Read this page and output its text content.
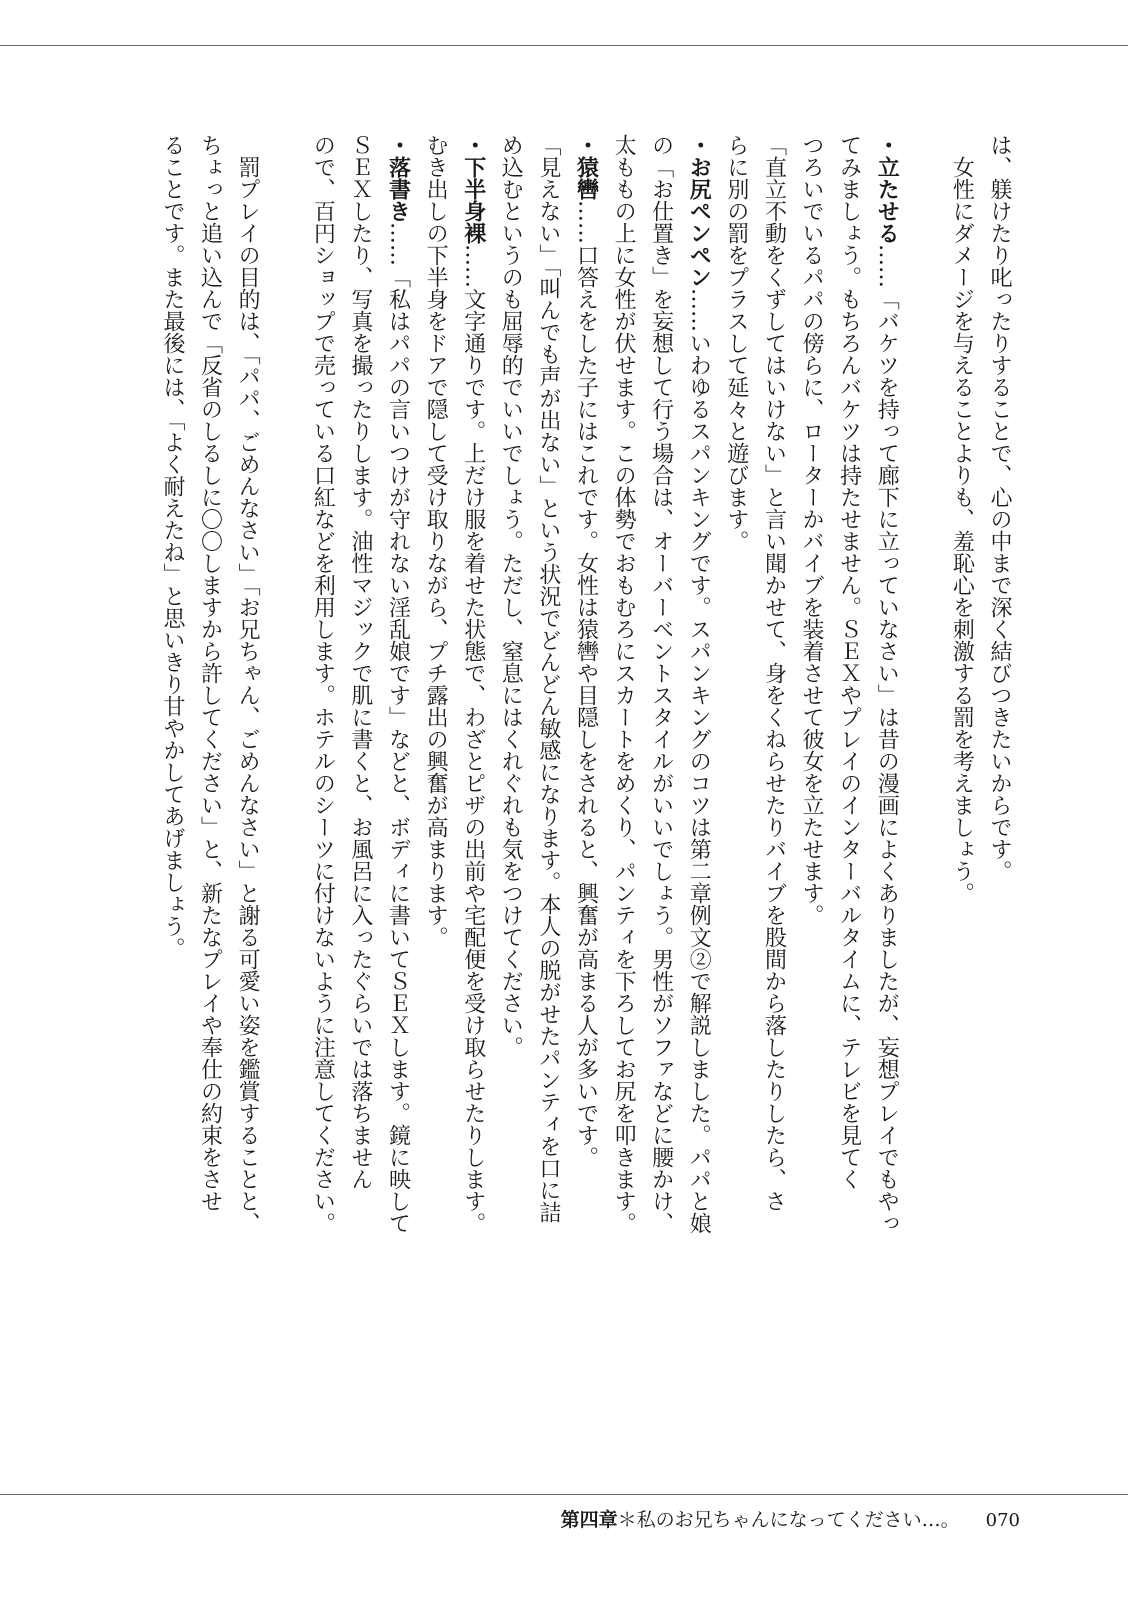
は、躾けたり叱ったりすることで、心の中まで深く結びつきたいからです。
　女性にダメージを与えることよりも、羞恥心を刺激する罰を考えましょう。
・立たせる……「バケツを持って廊下に立っていなさい」は昔の漫画によくありましたが、妄想プレイでもやっ
てみましょう。もちろんバケツは持たせません。ＳＥＸやプレイのインターバルタイムに、テレビを見てく
つろいでいるパパの傍らに、ローターかバイブを装着させて彼女を立たせます。
「直立不動をくずしてはいけない」と言い聞かせて、身をくねらせたりバイブを股間から落したりしたら、さ
らに別の罰をプラスして延々と遊びます。
・お尻ペンペン……いわゆるスパンキングです。スパンキングのコツは第二章例文②で解説しました。パパと娘
の「お仕置き」を妄想して行う場合は、オーバーベントスタイルがいいでしょう。男性がソファなどに腰かけ、
太ももの上に女性が伏せます。この体勢でおもむろにスカートをめくり、パンティを下ろしてお尻を叩きます。
・猿轡……口答えをした子にはこれです。女性は猿轡や目隠しをされると、興奮が高まる人が多いです。
「見えない」「叫んでも声が出ない」という状況でどんどん敏感になります。本人の脱がせたパンティを口に詰
め込むというのも屈辱的でいいでしょう。ただし、窒息にはくれぐれも気をつけてください。
・下半身裸……文字通りです。上だけ服を着せた状態で、わざとピザの出前や宅配便を受け取らせたりします。
むき出しの下半身をドアで隠して受け取りながら、プチ露出の興奮が高まります。
・落書き……「私はパパの言いつけが守れない淫乱娘です」などと、ボディに書いてＳＥＸします。鏡に映して
ＳＥＸしたり、写真を撮ったりします。油性マジックで肌に書くと、お風呂に入ったぐらいでは落ちません
ので、百円ショップで売っている口紅などを利用します。ホテルのシーツに付けないように注意してください。
　罰プレイの目的は、「パパ、ごめんなさい」「お兄ちゃん、ごめんなさい」と謝る可愛い姿を鑑賞することと、
ちょっと追い込んで「反省のしるしに〇〇しますから許してください」と、新たなプレイや奉仕の約束をさせ
ることです。また最後には、「よく耐えたね」と思いきり甘やかしてあげましょう。
第四章 ＊私のお兄ちゃんになってください…。 070
